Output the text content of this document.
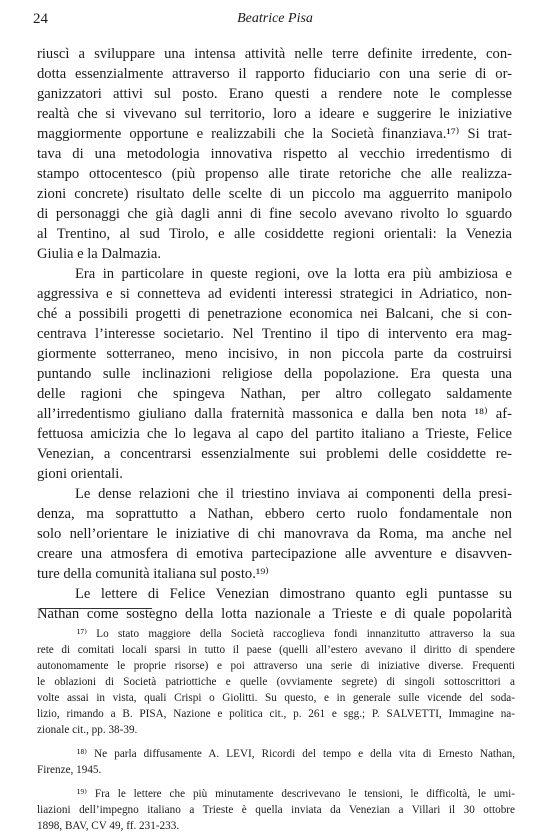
24	Beatrice Pisa
riuscì a sviluppare una intensa attività nelle terre definite irredente, con-
dotta essenzialmente attraverso il rapporto fiduciario con una serie di or-
ganizzatori attivi sul posto. Erano questi a rendere note le complesse
realtà che si vivevano sul territorio, loro a ideare e suggerire le iniziative
maggiormente opportune e realizzabili che la Società finanziava.¹⁷⁾ Si trat-
tava di una metodologia innovativa rispetto al vecchio irredentismo di
stampo ottocentesco (più propenso alle tirate retoriche che alle realizza-
zioni concrete) risultato delle scelte di un piccolo ma agguerrito manipolo
di personaggi che già dagli anni di fine secolo avevano rivolto lo sguardo
al Trentino, al sud Tirolo, e alle cosiddette regioni orientali: la Venezia
Giulia e la Dalmazia.
Era in particolare in queste regioni, ove la lotta era più ambiziosa e
aggressiva e si connetteva ad evidenti interessi strategici in Adriatico, non-
ché a possibili progetti di penetrazione economica nei Balcani, che si con-
centrava l’interesse societario. Nel Trentino il tipo di intervento era mag-
giormente sotterraneo, meno incisivo, in non piccola parte da costruirsi
puntando sulle inclinazioni religiose della popolazione. Era questa una
delle ragioni che spingeva Nathan, per altro collegato saldamente
all’irredentismo giuliano dalla fraternità massonica e dalla ben nota ¹⁸⁾ af-
fettuosa amicizia che lo legava al capo del partito italiano a Trieste, Felice
Venezian, a concentrarsi essenzialmente sui problemi delle cosiddette re-
gioni orientali.
Le dense relazioni che il triestino inviava ai componenti della presi-
denza, ma soprattutto a Nathan, ebbero certo ruolo fondamentale non
solo nell’orientare le iniziative di chi manovrava da Roma, ma anche nel
creare una atmosfera di emotiva partecipazione alle avventure e disavven-
ture della comunità italiana sul posto.¹⁹⁾
Le lettere di Felice Venezian dimostrano quanto egli puntasse su
Nathan come sostegno della lotta nazionale a Trieste e di quale popolarità
¹⁷⁾ Lo stato maggiore della Società raccoglieva fondi innanzitutto attraverso la sua
rete di comitati locali sparsi in tutto il paese (quelli all’estero avevano il diritto di spendere
autonomamente le proprie risorse) e poi attraverso una serie di iniziative diverse. Frequenti
le oblazioni di Società patriottiche e quelle (ovviamente segrete) di singoli sottoscrittori a
volte assai in vista, quali Crispi o Giolitti. Su questo, e in generale sulle vicende del soda-
lizio, rimando a B. PISA, Nazione e politica cit., p. 261 e sgg.; P. SALVETTI, Immagine na-
zionale cit., pp. 38-39.
¹⁸⁾ Ne parla diffusamente A. LEVI, Ricordi del tempo e della vita di Ernesto Nathan,
Firenze, 1945.
¹⁹⁾ Fra le lettere che più minutamente descrivevano le tensioni, le difficoltà, le umi-
liazioni dell’impegno italiano a Trieste è quella inviata da Venezian a Villari il 30 ottobre
1898, BAV, CV 49, ff. 231-233.
